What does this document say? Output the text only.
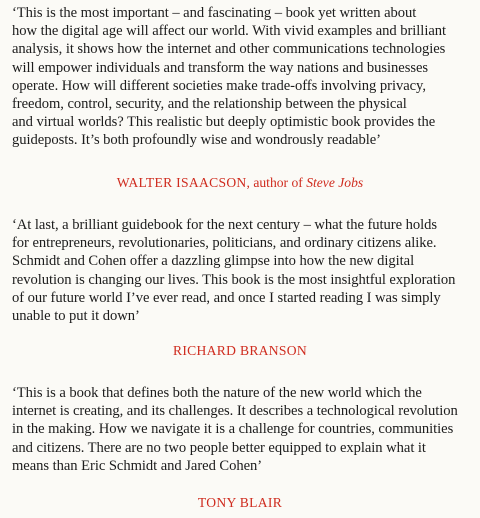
‘This is the most important – and fascinating – book yet written about
how the digital age will affect our world. With vivid examples and brilliant
analysis, it shows how the internet and other communications technologies
will empower individuals and transform the way nations and businesses
operate. How will different societies make trade-offs involving privacy,
freedom, control, security, and the relationship between the physical
and virtual worlds? This realistic but deeply optimistic book provides the
guideposts. It’s both profoundly wise and wondrously readable’

WALTER ISAACSON, author of Steve Jobs

‘At last, a brilliant guidebook for the next century – what the future holds
for entrepreneurs, revolutionaries, politicians, and ordinary citizens alike.
Schmidt and Cohen offer a dazzling glimpse into how the new digital
revolution is changing our lives. This book is the most insightful exploration
of our future world I’ve ever read, and once I started reading I was simply
unable to put it down’

RICHARD BRANSON

‘This is a book that defines both the nature of the new world which the
internet is creating, and its challenges. It describes a technological revolution
in the making. How we navigate it is a challenge for countries, communities
and citizens. There are no two people better equipped to explain what it
means than Eric Schmidt and Jared Cohen’

TONY BLAIR
